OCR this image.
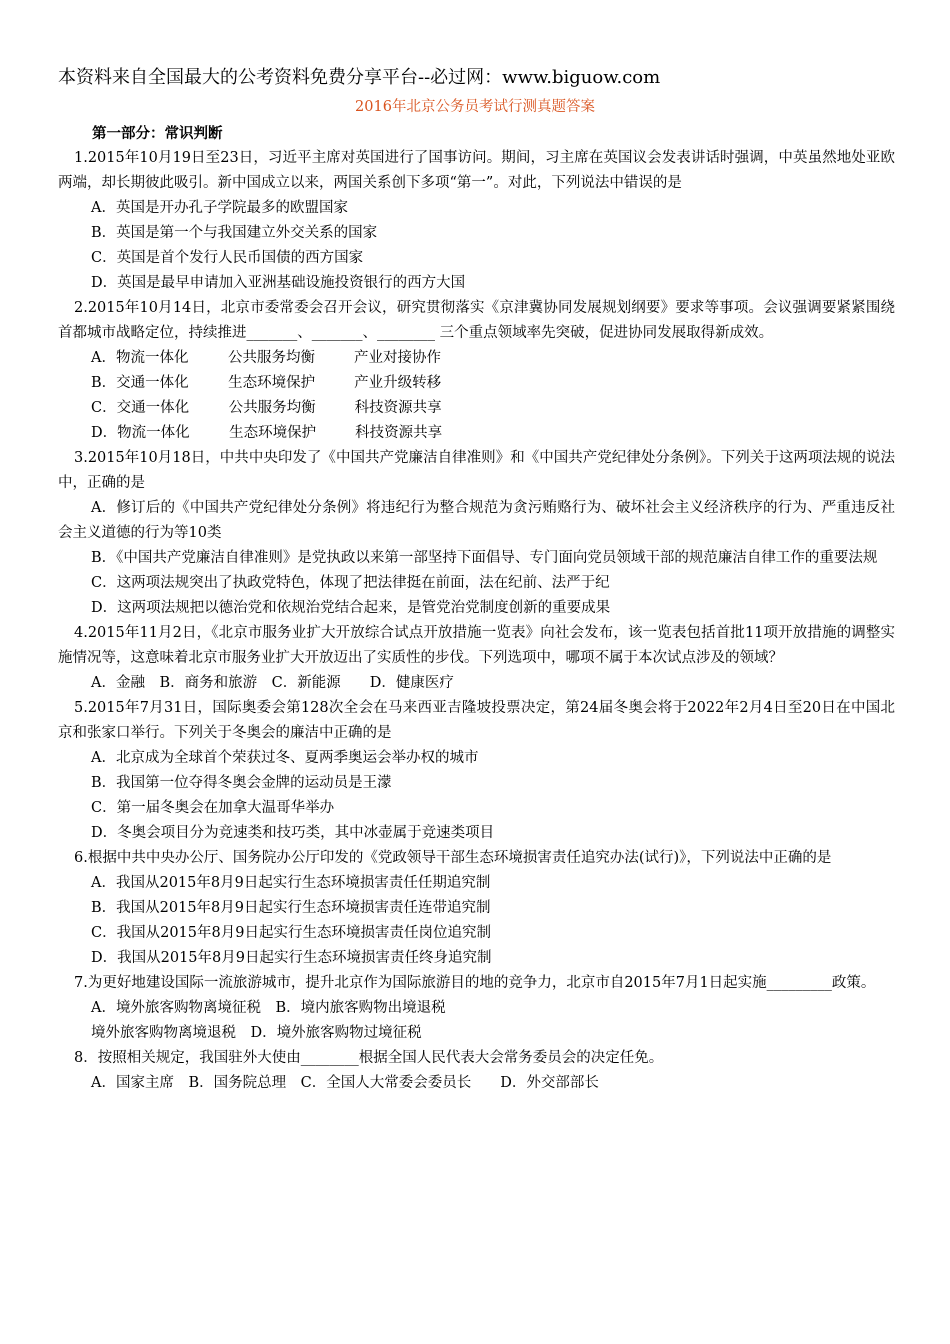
本资料来自全国最大的公考资料免费分享平台--必过网：www.biguow.com
2016年北京公务员考试行测真题答案

第一部分：常识判断

1.2015年10月19日至23日，习近平主席对英国进行了国事访问。期间，习主席在英国议会发表讲话时强调，中英虽然地处亚欧两端，却长期彼此吸引。新中国成立以来，两国关系创下多项“第一”。对此，下列说法中错误的是

A．英国是开办孔子学院最多的欧盟国家

B．英国是第一个与我国建立外交关系的国家

C．英国是首个发行人民币国债的西方国家

D．英国是最早申请加入亚洲基础设施投资银行的西方大国

2.2015年10月14日，北京市委常委会召开会议，研究贯彻落实《京津冀协同发展规划纲要》要求等事项。会议强调要紧紧围绕首都城市战略定位，持续推进_______、_______、________ 三个重点领域率先突破，促进协同发展取得新成效。

A．物流一体化	公共服务均衡	产业对接协作

B．交通一体化	生态环境保护	产业升级转移

C．交通一体化	公共服务均衡	科技资源共享

D．物流一体化	生态环境保护	科技资源共享

3.2015年10月18日，中共中央印发了《中国共产党廉洁自律准则》和《中国共产党纪律处分条例》。下列关于这两项法规的说法中，正确的是

A．修订后的《中国共产党纪律处分条例》将违纪行为整合规范为贪污贿赂行为、破坏社会主义经济秩序的行为、严重违反社会主义道德的行为等10类

B．《中国共产党廉洁自律准则》是党执政以来第一部坚持下面倡导、专门面向党员领域干部的规范廉洁自律工作的重要法规

C．这两项法规突出了执政党特色，体现了把法律挺在前面，法在纪前、法严于纪

D．这两项法规把以德治党和依规治党结合起来，是管党治党制度创新的重要成果

4.2015年11月2日，《北京市服务业扩大开放综合试点开放措施一览表》向社会发布，该一览表包括首批11项开放措施的调整实施情况等，这意味着北京市服务业扩大开放迈出了实质性的步伐。下列选项中，哪项不属于本次试点涉及的领域？

A．金融　B．商务和旅游　C．新能源　　D．健康医疗

5.2015年7月31日，国际奥委会第128次全会在马来西亚吉隆坡投票决定，第24届冬奥会将于2022年2月4日至20日在中国北京和张家口举行。下列关于冬奥会的廉洁中正确的是

A．北京成为全球首个荣获过冬、夏两季奥运会举办权的城市

B．我国第一位夺得冬奥会金牌的运动员是王濛

C．第一届冬奥会在加拿大温哥华举办

D．冬奥会项目分为竞速类和技巧类，其中冰壶属于竞速类项目

6.根据中共中央办公厅、国务院办公厅印发的《党政领导干部生态环境损害责任追究办法(试行)》，下列说法中正确的是

A．我国从2015年8月9日起实行生态环境损害责任任期追究制

B．我国从2015年8月9日起实行生态环境损害责任连带追究制

C．我国从2015年8月9日起实行生态环境损害责任岗位追究制

D．我国从2015年8月9日起实行生态环境损害责任终身追究制

7.为更好地建设国际一流旅游城市，提升北京作为国际旅游目的地的竞争力，北京市自2015年7月1日起实施_________政策。

A．境外旅客购物离境征税　B．境内旅客购物出境退税

境外旅客购物离境退税　D．境外旅客购物过境征税

8．按照相关规定，我国驻外大使由________根据全国人民代表大会常务委员会的决定任免。

A．国家主席　B．国务院总理　C．全国人大常委会委员长　　D．外交部部长
